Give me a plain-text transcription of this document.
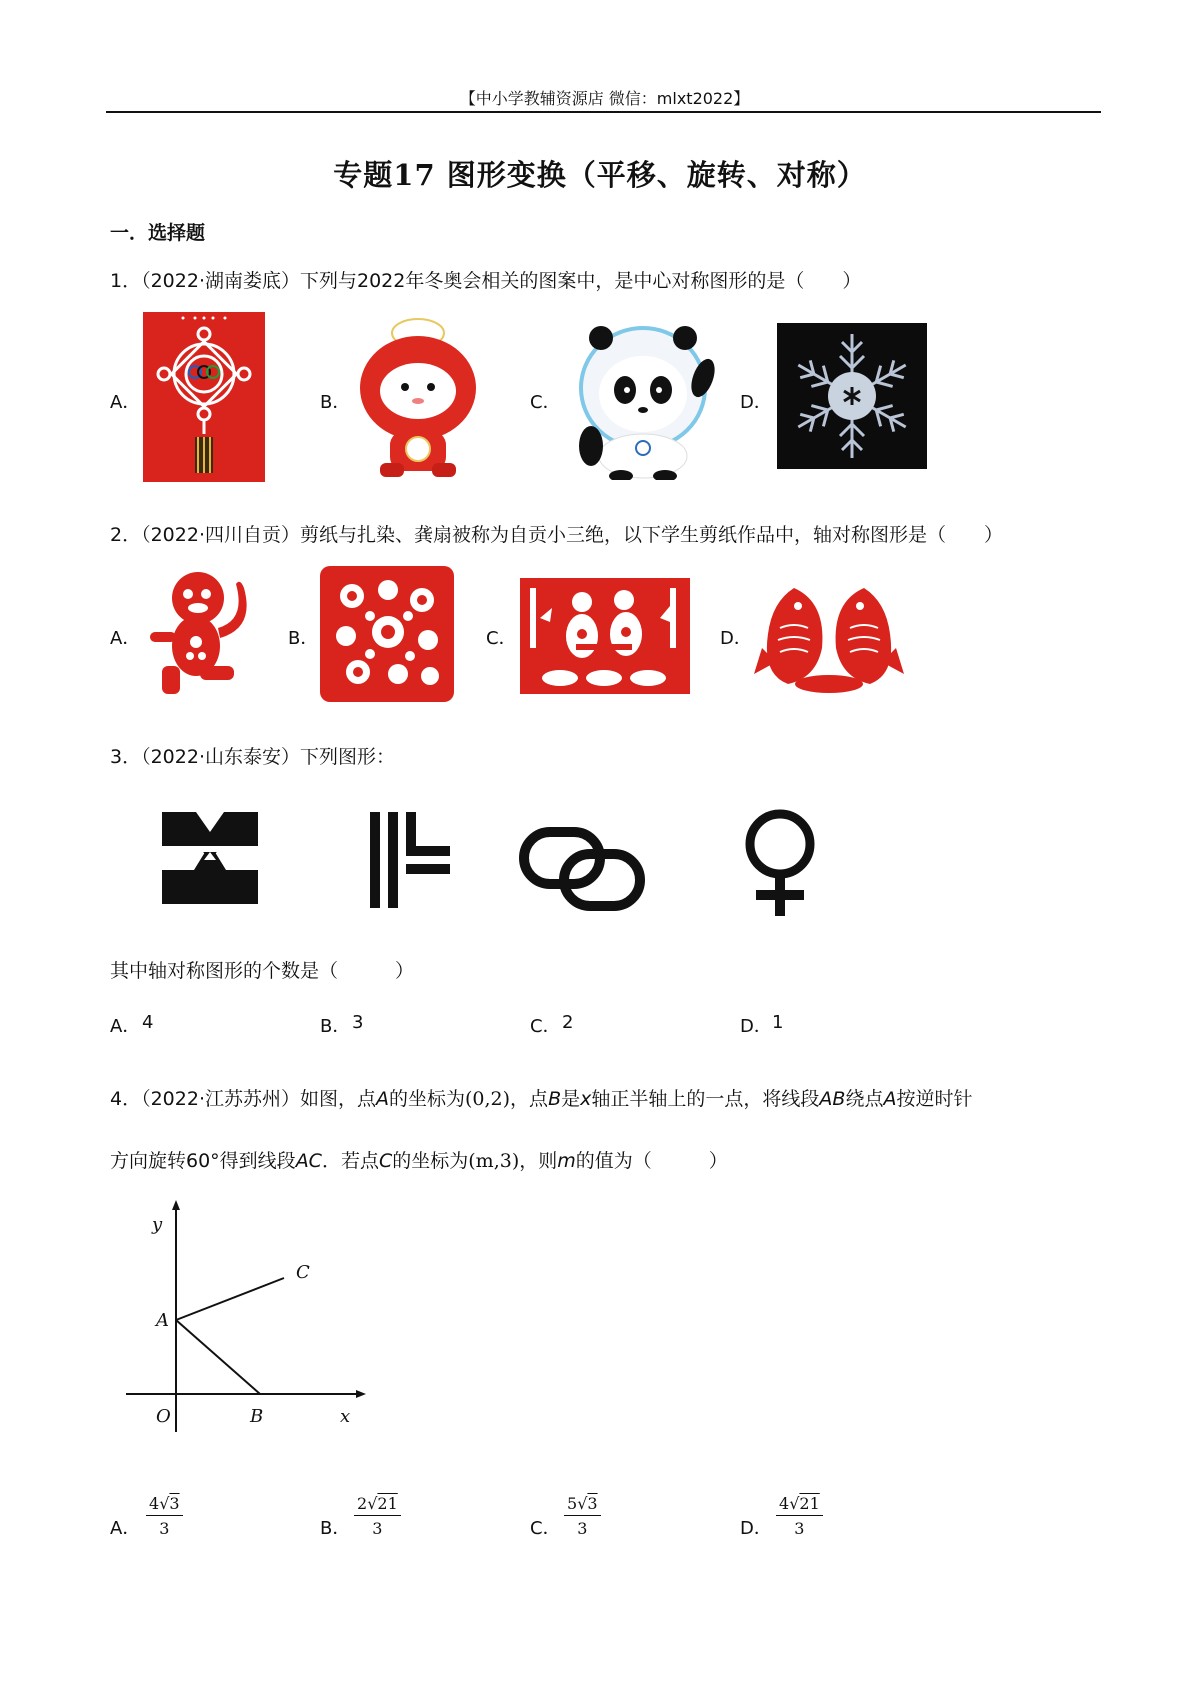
【中小学教辅资源店 微信：mlxt2022】
专题17 图形变换（平移、旋转、对称）
一．选择题
1．（2022·湖南娄底）下列与2022年冬奥会相关的图案中，是中心对称图形的是（　　）
A．	B．	C．	D．
2．（2022·四川自贡）剪纸与扎染、龚扇被称为自贡小三绝，以下学生剪纸作品中，轴对称图形是（　　）
A．	B．	C．	D．
3．（2022·山东泰安）下列图形：
其中轴对称图形的个数是（　　　）
A． 4	B． 3	C． 2	D． 1
4．（2022·江苏苏州）如图，点A的坐标为(0,2)，点B是x轴正半轴上的一点，将线段AB绕点A按逆时针
方向旋转60°得到线段AC．若点C的坐标为(m,3)，则m的值为（　　　）
y
x
O
A
B
C
A． $\frac{4√3}{3}$	B． $\frac{2√21}{3}$	C． $\frac{5√3}{3}$	D． $\frac{4√21}{3}$
